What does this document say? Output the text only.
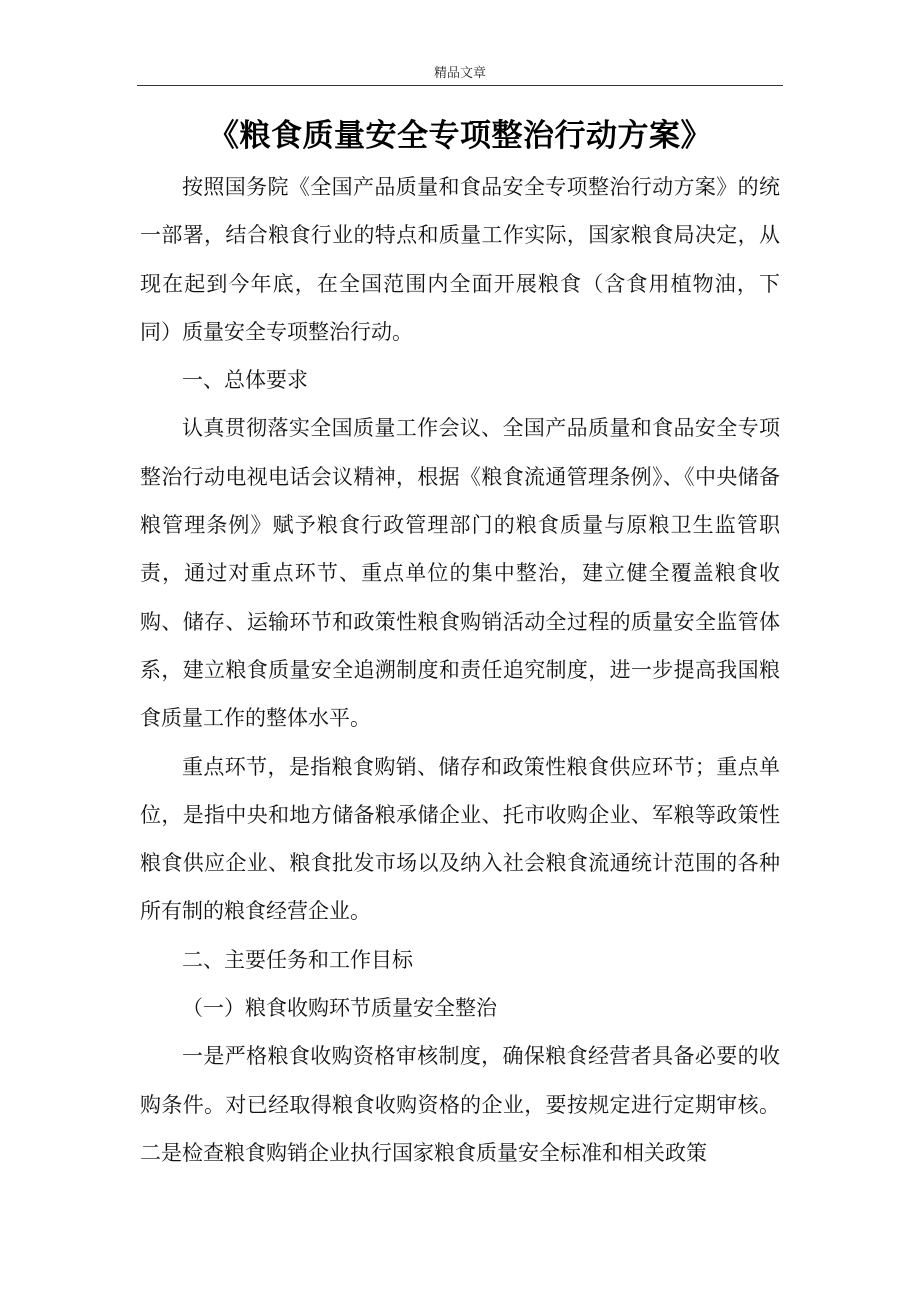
精品文章
《粮食质量安全专项整治行动方案》

按照国务院《全国产品质量和食品安全专项整治行动方案》的统一部署，结合粮食行业的特点和质量工作实际，国家粮食局决定，从现在起到今年底，在全国范围内全面开展粮食（含食用植物油，下同）质量安全专项整治行动。

一、总体要求

认真贯彻落实全国质量工作会议、全国产品质量和食品安全专项整治行动电视电话会议精神，根据《粮食流通管理条例》、《中央储备粮管理条例》赋予粮食行政管理部门的粮食质量与原粮卫生监管职责，通过对重点环节、重点单位的集中整治，建立健全覆盖粮食收购、储存、运输环节和政策性粮食购销活动全过程的质量安全监管体系，建立粮食质量安全追溯制度和责任追究制度，进一步提高我国粮食质量工作的整体水平。

重点环节，是指粮食购销、储存和政策性粮食供应环节；重点单位，是指中央和地方储备粮承储企业、托市收购企业、军粮等政策性粮食供应企业、粮食批发市场以及纳入社会粮食流通统计范围的各种所有制的粮食经营企业。

二、主要任务和工作目标

（一）粮食收购环节质量安全整治

一是严格粮食收购资格审核制度，确保粮食经营者具备必要的收购条件。对已经取得粮食收购资格的企业，要按规定进行定期审核。二是检查粮食购销企业执行国家粮食质量安全标准和相关政策
